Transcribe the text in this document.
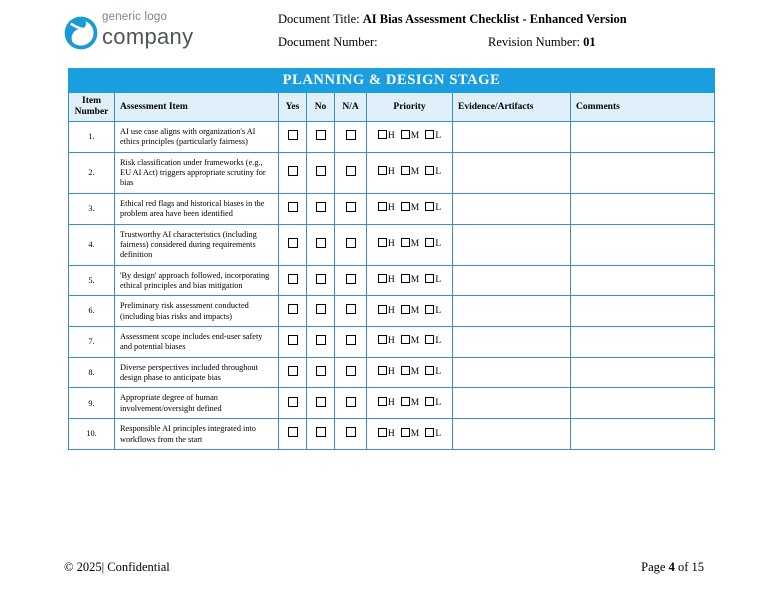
generic logo
company
Document Title: AI Bias Assessment Checklist - Enhanced Version
Document Number:	Revision Number: 01
PLANNING & DESIGN STAGE							

Item
Number	Assessment Item	Yes	No	N/A	Priority	Evidence/Artifacts	Comments
1.	AI use case aligns with organization's AI ethics principles (particularly fairness)				H M L		
2.	Risk classification under frameworks (e.g., EU AI Act) triggers appropriate scrutiny for bias				H M L		
3.	Ethical red flags and historical biases in the problem area have been identified				H M L		
4.	Trustworthy AI characteristics (including fairness) considered during requirements definition				H M L		
5.	'By design' approach followed, incorporating ethical principles and bias mitigation				H M L		
6.	Preliminary risk assessment conducted (including bias risks and impacts)				H M L		
7.	Assessment scope includes end-user safety and potential biases				H M L		
8.	Diverse perspectives included throughout design phase to anticipate bias				H M L		
9.	Appropriate degree of human involvement/oversight defined				H M L		
10.	Responsible AI principles integrated into workflows from the start				H M L		
© 2025| Confidential	Page 4 of 15
